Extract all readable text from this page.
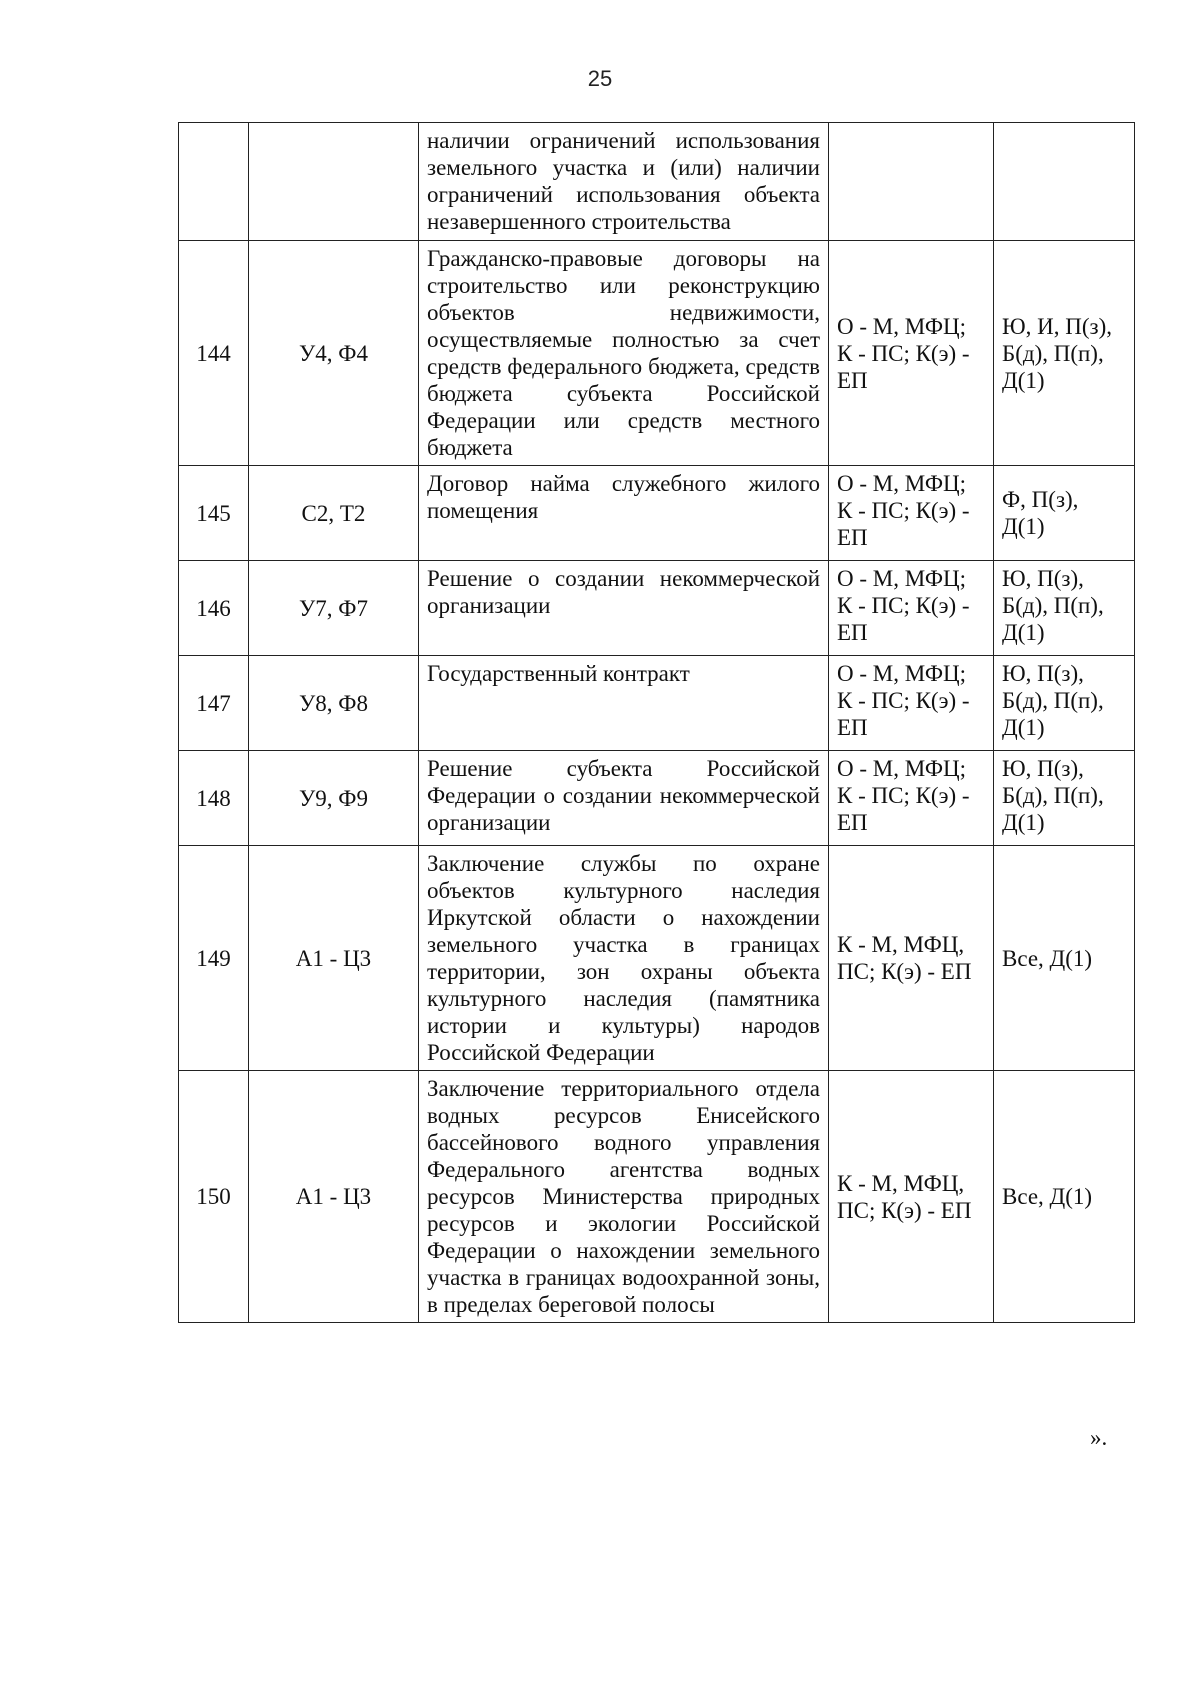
25
		наличии ограничений использования земельного участка и (или) наличии ограничений использования объекта незавершенного строительства		
144	У4, Ф4	Гражданско-правовые договоры на строительство или реконструкцию объектов недвижимости, осуществляемые полностью за счет средств федерального бюджета, средств бюджета субъекта Российской Федерации или средств местного бюджета	О - М, МФЦ; К - ПС; К(э) - ЕП	Ю, И, П(з), Б(д), П(п), Д(1)
145	С2, Т2	Договор найма служебного жилого помещения	О - М, МФЦ; К - ПС; К(э) - ЕП	Ф, П(з), Д(1)
146	У7, Ф7	Решение о создании некоммерческой организации	О - М, МФЦ; К - ПС; К(э) - ЕП	Ю, П(з), Б(д), П(п), Д(1)
147	У8, Ф8	Государственный контракт	О - М, МФЦ; К - ПС; К(э) - ЕП	Ю, П(з), Б(д), П(п), Д(1)
148	У9, Ф9	Решение субъекта Российской Федерации о создании некоммерческой организации	О - М, МФЦ; К - ПС; К(э) - ЕП	Ю, П(з), Б(д), П(п), Д(1)
149	А1 - Ц3	Заключение службы по охране объектов культурного наследия Иркутской области о нахождении земельного участка в границах территории, зон охраны объекта культурного наследия (памятника истории и культуры) народов Российской Федерации	К - М, МФЦ, ПС; К(э) - ЕП	Все, Д(1)
150	А1 - Ц3	Заключение территориального отдела водных ресурсов Енисейского бассейнового водного управления Федерального агентства водных ресурсов Министерства природных ресурсов и экологии Российской Федерации о нахождении земельного участка в границах водоохранной зоны, в пределах береговой полосы	К - М, МФЦ, ПС; К(э) - ЕП	Все, Д(1)
».
